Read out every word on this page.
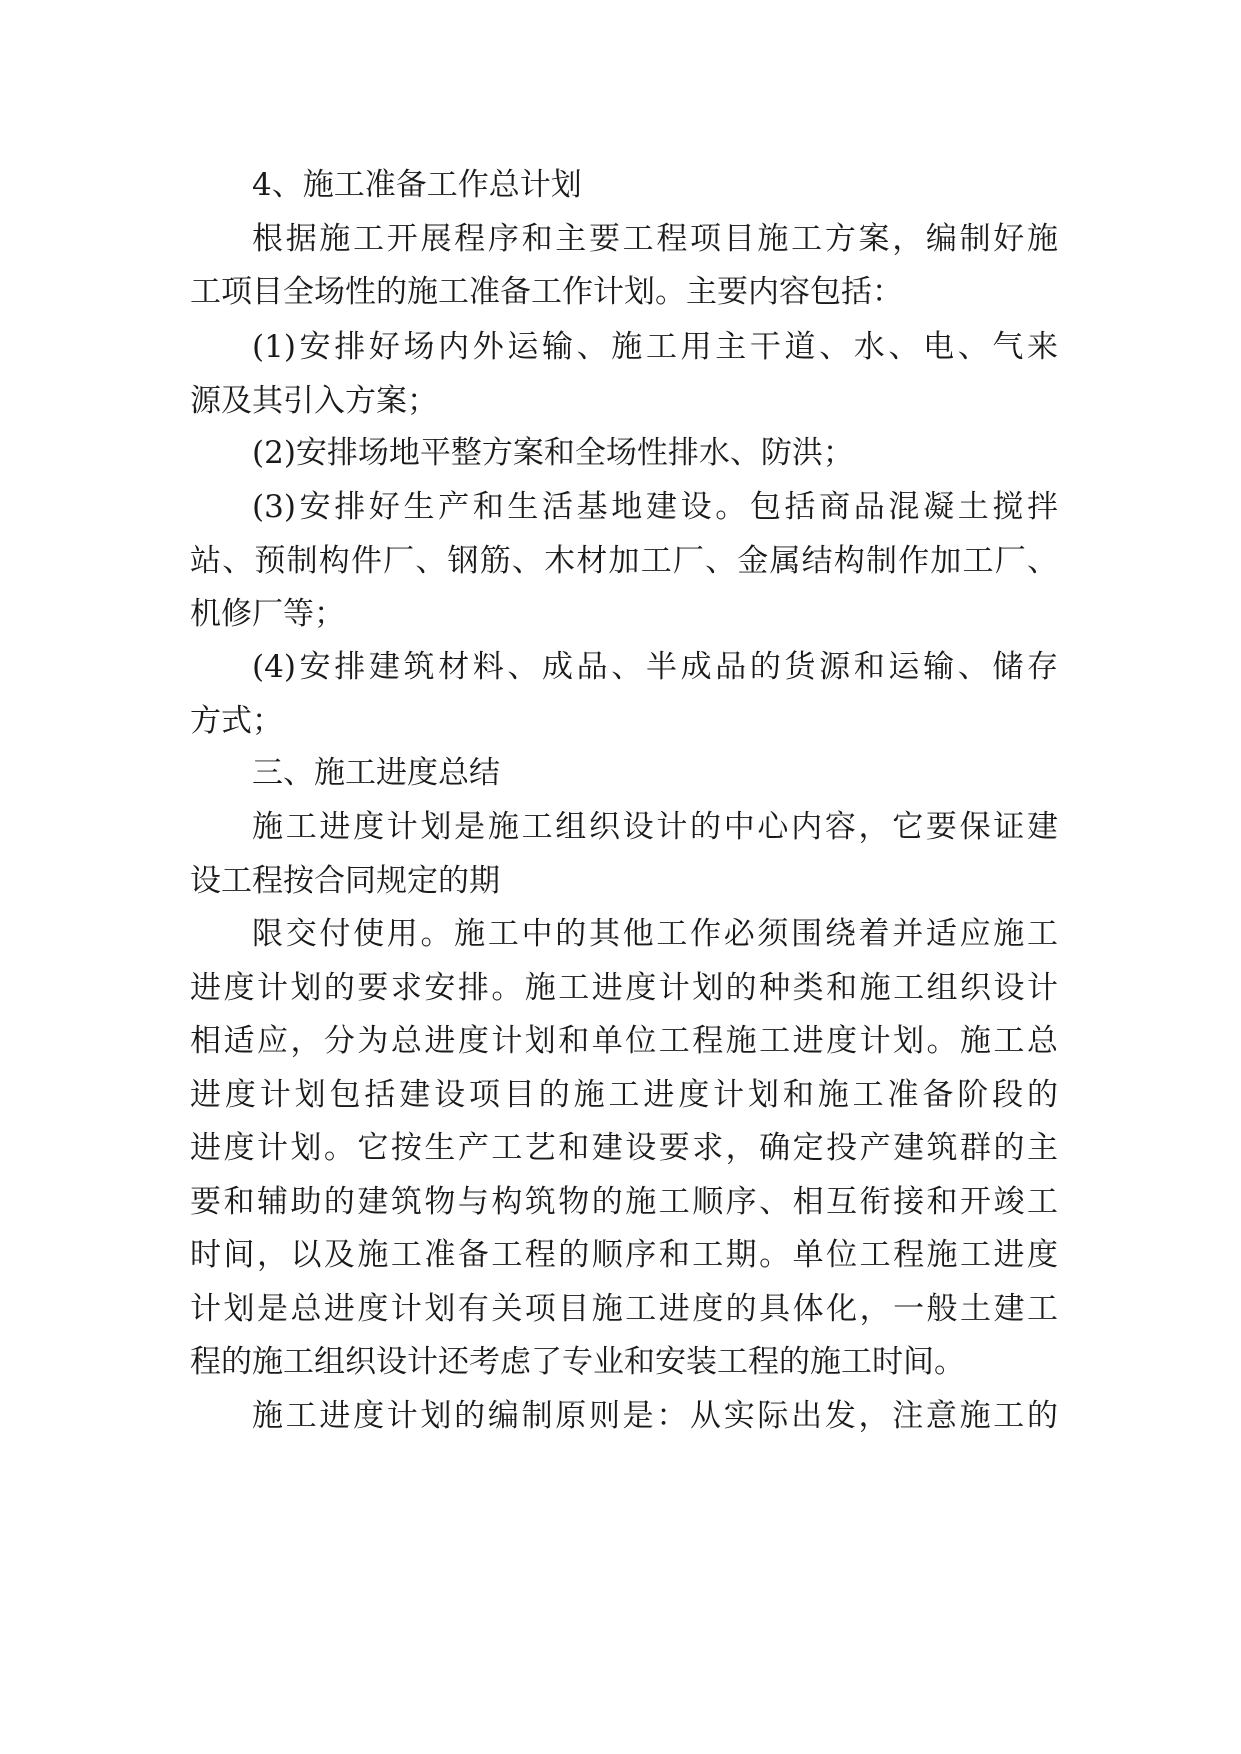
4、施工准备工作总计划
根据施工开展程序和主要工程项目施工方案，编制好施
工项目全场性的施工准备工作计划。主要内容包括：
(1)安排好场内外运输、施工用主干道、水、电、气来
源及其引入方案；
(2)安排场地平整方案和全场性排水、防洪；
(3)安排好生产和生活基地建设。包括商品混凝土搅拌
站、预制构件厂、钢筋、木材加工厂、金属结构制作加工厂、
机修厂等；
(4)安排建筑材料、成品、半成品的货源和运输、储存
方式；
三、施工进度总结
施工进度计划是施工组织设计的中心内容，它要保证建
设工程按合同规定的期
限交付使用。施工中的其他工作必须围绕着并适应施工
进度计划的要求安排。施工进度计划的种类和施工组织设计
相适应，分为总进度计划和单位工程施工进度计划。施工总
进度计划包括建设项目的施工进度计划和施工准备阶段的
进度计划。它按生产工艺和建设要求，确定投产建筑群的主
要和辅助的建筑物与构筑物的施工顺序、相互衔接和开竣工
时间，以及施工准备工程的顺序和工期。单位工程施工进度
计划是总进度计划有关项目施工进度的具体化，一般土建工
程的施工组织设计还考虑了专业和安装工程的施工时间。
施工进度计划的编制原则是：从实际出发，注意施工的
